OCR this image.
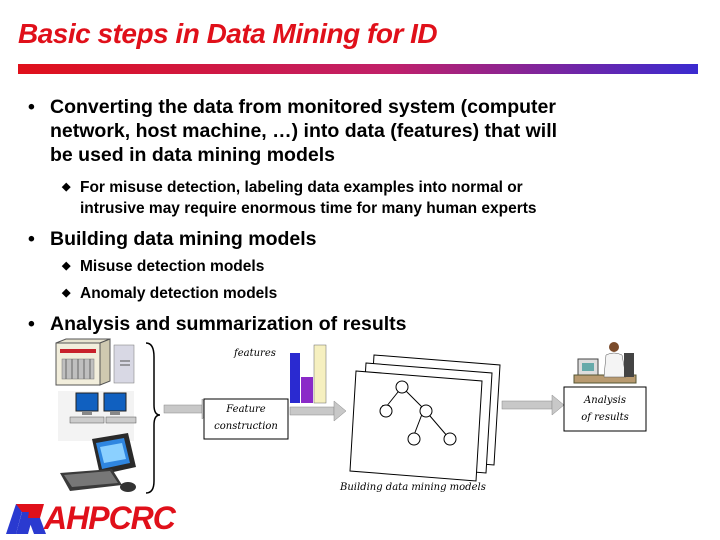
Basic steps in Data Mining for ID
• Converting the data from monitored system (computer
network, host machine, …) into data (features) that will
be used in data mining models
◆ For misuse detection, labeling data examples into normal or
intrusive may require enormous time for many human experts
• Building data mining models
◆ Misuse detection models
◆ Anomaly detection models
• Analysis and summarization of results
features
Feature
construction
Building data mining models
Analysis
of results
AHPCRC
